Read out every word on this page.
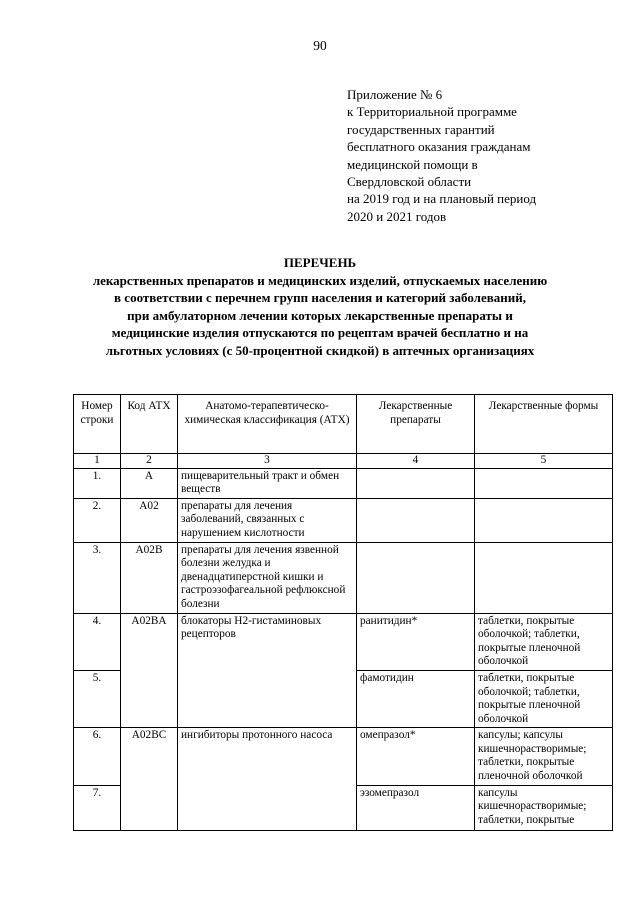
90
Приложение № 6
к Территориальной программе
государственных гарантий
бесплатного оказания гражданам
медицинской помощи в
Свердловской области
на 2019 год и на плановый период
2020 и 2021 годов
ПЕРЕЧЕНЬ
лекарственных препаратов и медицинских изделий, отпускаемых населению
в соответствии с перечнем групп населения и категорий заболеваний,
при амбулаторном лечении которых лекарственные препараты и
медицинские изделия отпускаются по рецептам врачей бесплатно и на
льготных условиях (с 50-процентной скидкой) в аптечных организациях
Номер строки	Код АТХ	Анатомо-терапевтическо-химическая классификация (АТХ)	Лекарственные препараты	Лекарственные формы
1	2	3	4	5
1.	A	пищеварительный тракт и обмен веществ		
2.	A02	препараты для лечения заболеваний, связанных с нарушением кислотности		
3.	A02B	препараты для лечения язвенной болезни желудка и двенадцатиперстной кишки и гастроэзофагеальной рефлюксной болезни		
4.	A02BA	блокаторы H2-гистаминовых рецепторов	ранитидин*	таблетки, покрытые оболочкой; таблетки, покрытые пленочной оболочкой
5.			фамотидин	таблетки, покрытые оболочкой; таблетки, покрытые пленочной оболочкой
6.	A02BC	ингибиторы протонного насоса	омепразол*	капсулы; капсулы кишечнорастворимые; таблетки, покрытые пленочной оболочкой
7.			эзомепразол	капсулы кишечнорастворимые; таблетки, покрытые
